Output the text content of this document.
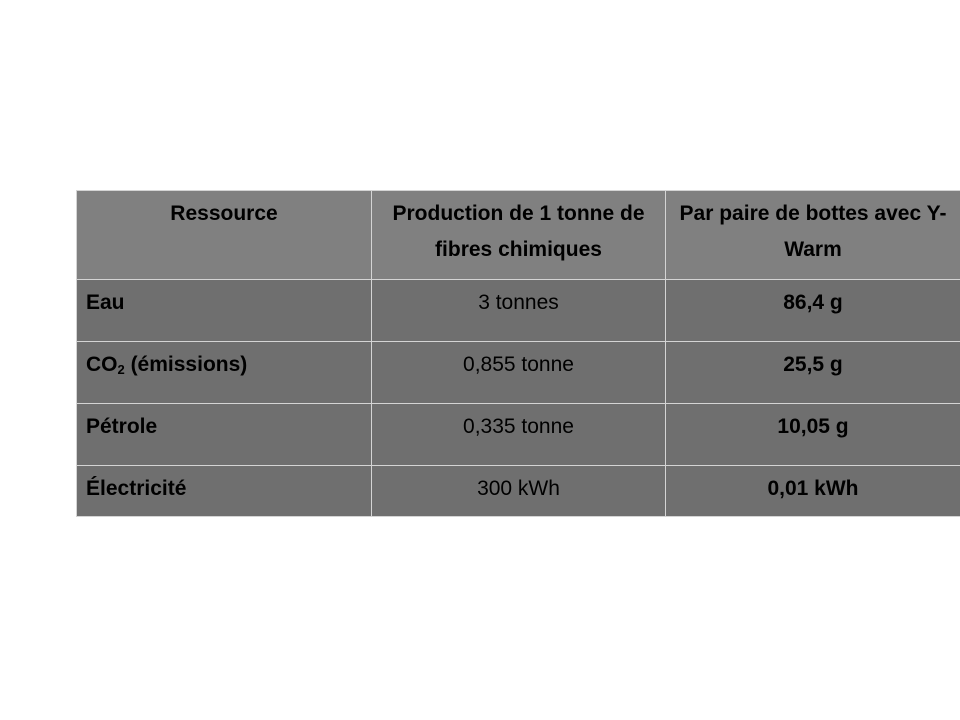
Ressource	Production de 1 tonne de fibres chimiques	Par paire de bottes avec Y-Warm
Eau	3 tonnes	86,4 g
$CO_2$ (émissions)	0,855 tonne	25,5 g
Pétrole	0,335 tonne	10,05 g
Électricité	300 kWh	0,01 kWh
